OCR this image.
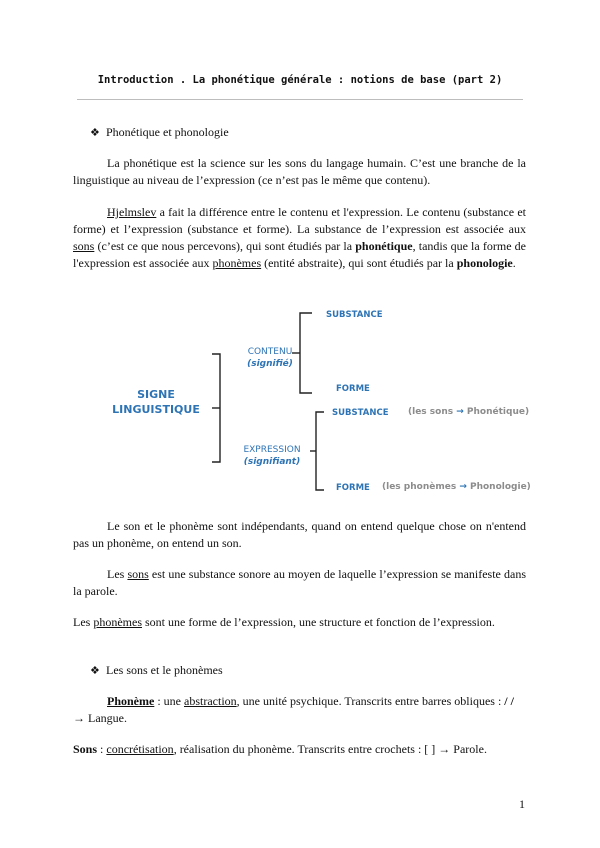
Introduction . La phonétique générale : notions de base (part 2)
❖ Phonétique et phonologie

La phonétique est la science sur les sons du langage humain. C’est une branche de la linguistique au niveau de l’expression (ce n’est pas le même que contenu).

Hjelmslev a fait la différence entre le contenu et l'expression. Le contenu (substance et forme) et l’expression (substance et forme). La substance de l’expression est associée aux sons (c’est ce que nous percevons), qui sont étudiés par la phonétique, tandis que la forme de l'expression est associée aux phonèmes (entité abstraite), qui sont étudiés par la phonologie.

SIGNE
LINGUISTIQUE
CONTENU
(signifié)
EXPRESSION
(signifiant)
SUBSTANCE
FORME
SUBSTANCE
FORME
(les sons → Phonétique)
(les phonèmes → Phonologie)

Le son et le phonème sont indépendants, quand on entend quelque chose on n'entend pas un phonème, on entend un son.

Les sons est une substance sonore au moyen de laquelle l’expression se manifeste dans la parole.

Les phonèmes sont une forme de l’expression, une structure et fonction de l’expression.

❖ Les sons et le phonèmes

Phonème : une abstraction, une unité psychique. Transcrits entre barres obliques : / /
→ Langue.

Sons : concrétisation, réalisation du phonème. Transcrits entre crochets : [ ] → Parole.

1
